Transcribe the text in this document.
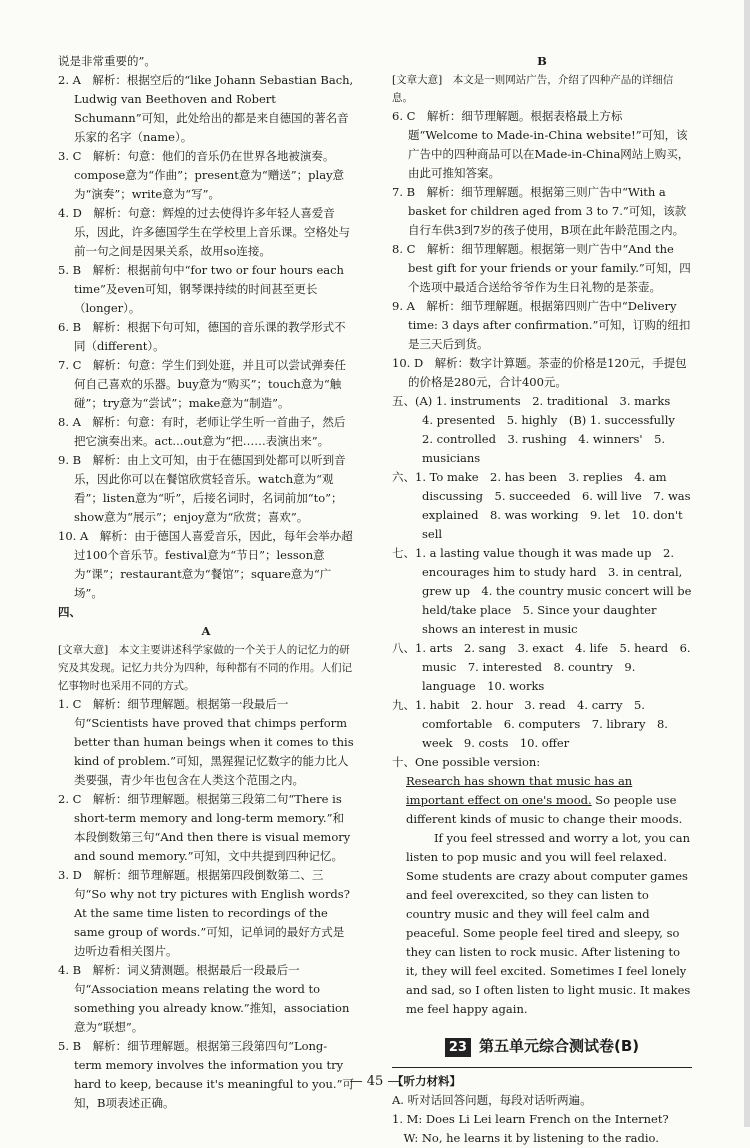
说是非常重要的”。

2. A　解析：根据空后的“like Johann Sebastian Bach, Ludwig van Beethoven and Robert Schumann”可知，此处给出的都是来自德国的著名音乐家的名字（name）。

3. C　解析：句意：他们的音乐仍在世界各地被演奏。compose意为“作曲”；present意为“赠送”；play意为“演奏”；write意为“写”。

4. D　解析：句意：辉煌的过去使得许多年轻人喜爱音乐，因此，许多德国学生在学校里上音乐课。空格处与前一句之间是因果关系，故用so连接。

5. B　解析：根据前句中“for two or four hours each time”及even可知，钢琴课持续的时间甚至更长（longer）。

6. B　解析：根据下句可知，德国的音乐课的教学形式不同（different）。

7. C　解析：句意：学生们到处逛，并且可以尝试弹奏任何自己喜欢的乐器。buy意为“购买”；touch意为“触碰”；try意为“尝试”；make意为“制造”。

8. A　解析：句意：有时，老师让学生听一首曲子，然后把它演奏出来。act...out意为“把……表演出来”。

9. B　解析：由上文可知，由于在德国到处都可以听到音乐，因此你可以在餐馆欣赏轻音乐。watch意为“观看”；listen意为“听”，后接名词时，名词前加“to”；show意为“展示”；enjoy意为“欣赏；喜欢”。

10. A　解析：由于德国人喜爱音乐，因此，每年会举办超过100个音乐节。festival意为“节日”；lesson意为“课”；restaurant意为“餐馆”；square意为“广场”。

四、

A

[文章大意]　本文主要讲述科学家做的一个关于人的记忆力的研究及其发现。记忆力共分为四种，每种都有不同的作用。人们记忆事物时也采用不同的方式。

1. C　解析：细节理解题。根据第一段最后一句“Scientists have proved that chimps perform better than human beings when it comes to this kind of problem.”可知，黑猩猩记忆数字的能力比人类要强，青少年也包含在人类这个范围之内。

2. C　解析：细节理解题。根据第三段第二句“There is short-term memory and long-term memory.”和本段倒数第三句“And then there is visual memory and sound memory.”可知，文中共提到四种记忆。

3. D　解析：细节理解题。根据第四段倒数第二、三句“So why not try pictures with English words? At the same time listen to recordings of the same group of words.”可知，记单词的最好方式是边听边看相关图片。

4. B　解析：词义猜测题。根据最后一段最后一句“Association means relating the word to something you already know.”推知，association意为“联想”。

5. B　解析：细节理解题。根据第三段第四句“Long-term memory involves the information you try hard to keep, because it's meaningful to you.”可知，B项表述正确。

B

[文章大意]　本文是一则网站广告，介绍了四种产品的详细信息。

6. C　解析：细节理解题。根据表格最上方标题“Welcome to Made-in-China website!”可知，该广告中的四种商品可以在Made-in-China网站上购买，由此可推知答案。

7. B　解析：细节理解题。根据第三则广告中“With a basket for children aged from 3 to 7.”可知，该款自行车供3到7岁的孩子使用，B项在此年龄范围之内。

8. C　解析：细节理解题。根据第一则广告中“And the best gift for your friends or your family.”可知，四个选项中最适合送给爷爷作为生日礼物的是茶壶。

9. A　解析：细节理解题。根据第四则广告中“Delivery time: 3 days after confirmation.”可知，订购的纽扣是三天后到货。

10. D　解析：数字计算题。茶壶的价格是120元，手提包的价格是280元，合计400元。

五、(A) 1. instruments　2. traditional　3. marks　4. presented　5. highly　(B) 1. successfully　2. controlled　3. rushing　4. winners'　5. musicians

六、1. To make　2. has been　3. replies　4. am discussing　5. succeeded　6. will live　7. was explained　8. was working　9. let　10. don't sell

七、1. a lasting value though it was made up　2. encourages him to study hard　3. in central, grew up　4. the country music concert will be held/take place　5. Since your daughter shows an interest in music

八、1. arts　2. sang　3. exact　4. life　5. heard　6. music　7. interested　8. country　9. language　10. works

九、1. habit　2. hour　3. read　4. carry　5. comfortable　6. computers　7. library　8. week　9. costs　10. offer

十、One possible version:

Research has shown that music has an important effect on one's mood. So people use different kinds of music to change their moods.

If you feel stressed and worry a lot, you can listen to pop music and you will feel relaxed. Some students are crazy about computer games and feel overexcited, so they can listen to country music and they will feel calm and peaceful. Some people feel tired and sleepy, so they can listen to rock music. After listening to it, they will feel excited. Sometimes I feel lonely and sad, so I often listen to light music. It makes me feel happy again.

23 第五单元综合测试卷(B)

【听力材料】

A. 听对话回答问题，每段对话听两遍。

1. M: Does Li Lei learn French on the Internet?

　W: No, he learns it by listening to the radio.

— 45 —
